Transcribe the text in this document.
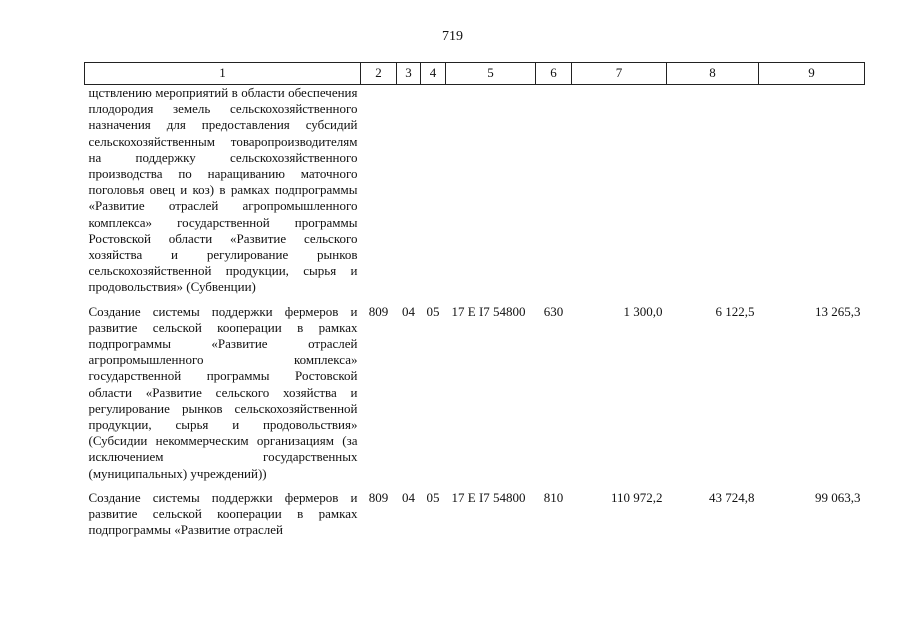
719
1	2	3	4	5	6	7	8	9
щствлению мероприятий в области обеспечения плодородия земель сельскохозяйственного назначения для предоставления субсидий сельскохозяйственным товаропроизводителям на поддержку сельскохозяйственного производства по наращиванию маточного поголовья овец и коз) в рамках подпрограммы «Развитие отраслей агропромышленного комплекса» государственной программы Ростовской области «Развитие сельского хозяйства и регулирование рынков сельскохозяйственной продукции, сырья и продовольствия» (Субвенции)								
Создание системы поддержки фермеров и развитие сельской кооперации в рамках подпрограммы «Развитие отраслей агропромышленного комплекса» государственной программы Ростовской области «Развитие сельского хозяйства и регулирование рынков сельскохозяйственной продукции, сырья и продовольствия» (Субсидии некоммерческим организациям (за исключением государственных (муниципальных) учреждений))	809	04	05	17 E I7 54800	630	1 300,0	6 122,5	13 265,3
Создание системы поддержки фермеров и развитие сельской кооперации в рамках подпрограммы «Развитие отраслей	809	04	05	17 E I7 54800	810	110 972,2	43 724,8	99 063,3
